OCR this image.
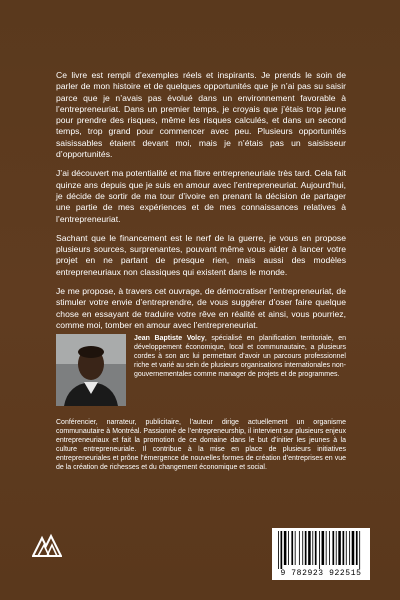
Ce livre est rempli d’exemples réels et inspirants. Je prends le soin de parler de mon histoire et de quelques opportunités que je n’ai pas su saisir parce que je n’avais pas évolué dans un environnement favorable à l’entrepreneuriat. Dans un premier temps, je croyais que j’étais trop jeune pour prendre des risques, même les risques calculés, et dans un second temps, trop grand pour commencer avec peu. Plusieurs opportunités saisissables étaient devant moi, mais je n’étais pas un saisisseur d’opportunités.

J’ai découvert ma potentialité et ma fibre entrepreneuriale très tard. Cela fait quinze ans depuis que je suis en amour avec l’entrepreneuriat. Aujourd’hui, je décide de sortir de ma tour d’ivoire en prenant la décision de partager une partie de mes expériences et de mes connaissances relatives à l’entrepreneuriat.

Sachant que le financement est le nerf de la guerre, je vous en propose plusieurs sources, surprenantes, pouvant même vous aider à lancer votre projet en ne partant de presque rien, mais aussi des modèles entrepreneuriaux non classiques qui existent dans le monde.

Je me propose, à travers cet ouvrage, de démocratiser l’entrepreneuriat, de stimuler votre envie d’entreprendre, de vous suggérer d’oser faire quelque chose en essayant de traduire votre rêve en réalité et ainsi, vous pourriez, comme moi, tomber en amour avec l’entrepreneuriat.

Jean Baptiste Volcy, spécialisé en planification territoriale, en développement économique, local et communautaire, a plusieurs cordes à son arc lui permettant d’avoir un parcours professionnel riche et varié au sein de plusieurs organisations internationales non-gouvernementales comme manager de projets et de programmes.
Conférencier, narrateur, publicitaire, l’auteur dirige actuellement un organisme communautaire à Montréal. Passionné de l’entrepreneurship, il intervient sur plusieurs enjeux entrepreneuriaux et fait la promotion de ce domaine dans le but d’initier les jeunes à la culture entrepreneuriale. Il contribue à la mise en place de plusieurs initiatives entrepreneuriales et prône l’émergence de nouvelles formes de création d’entreprises en vue de la création de richesses et du changement économique et social.
9 782923 922515
